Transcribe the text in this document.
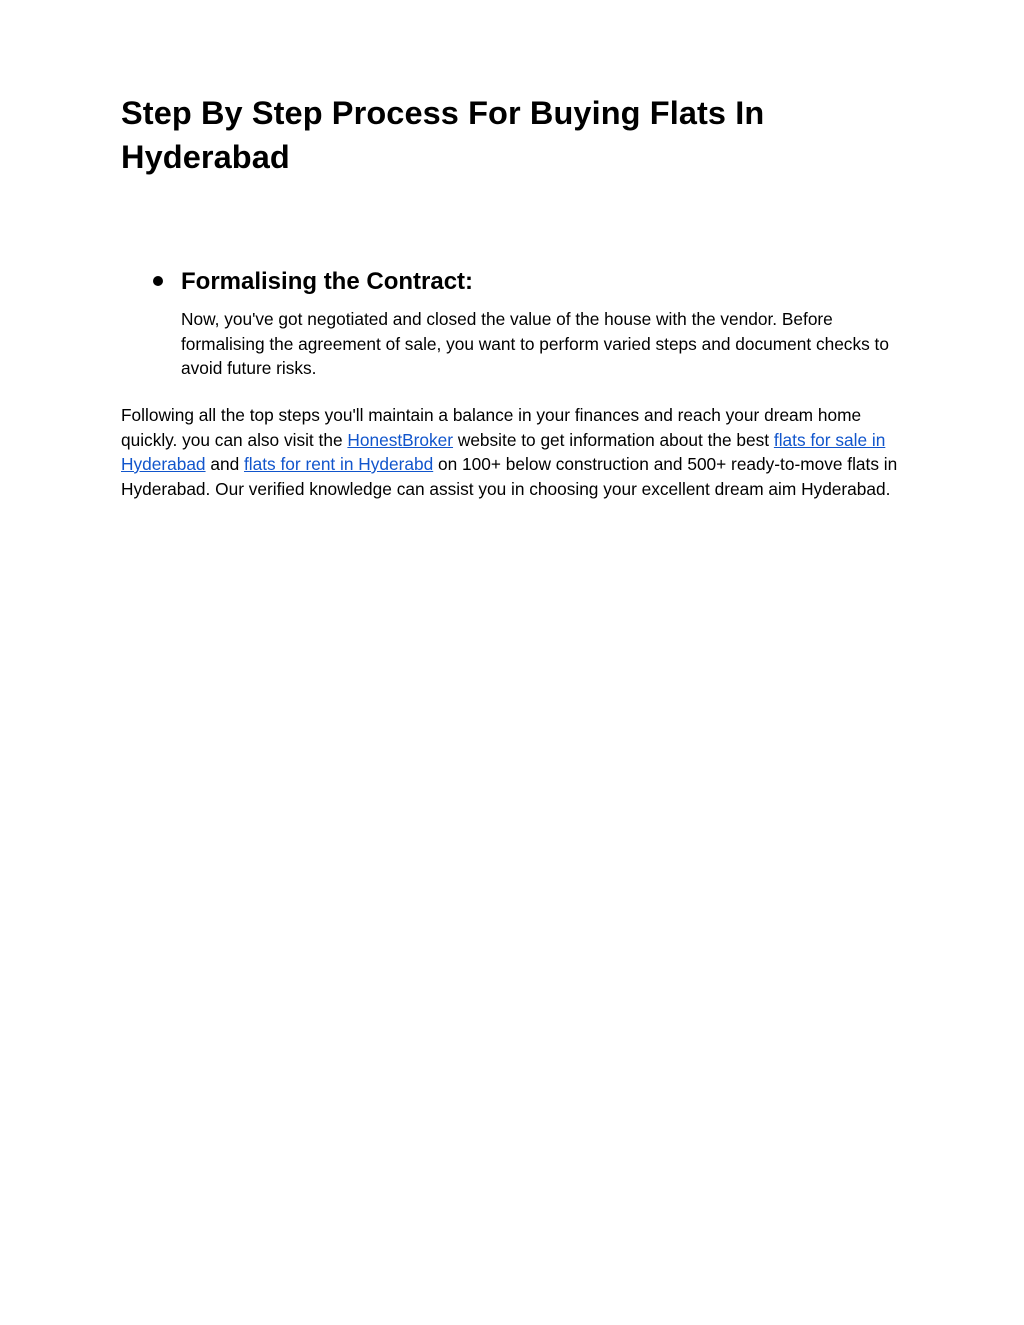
Step By Step Process For Buying Flats In Hyderabad
Formalising the Contract:

Now, you've got negotiated and closed the value of the house with the vendor. Before formalising the agreement of sale, you want to perform varied steps and document checks to avoid future risks.

Following all the top steps you'll maintain a balance in your finances and reach your dream home quickly. you can also visit the HonestBroker website to get information about the best flats for sale in Hyderabad and flats for rent in Hyderabd on 100+ below construction and 500+ ready-to-move flats in Hyderabad. Our verified knowledge can assist you in choosing your excellent dream aim Hyderabad.
